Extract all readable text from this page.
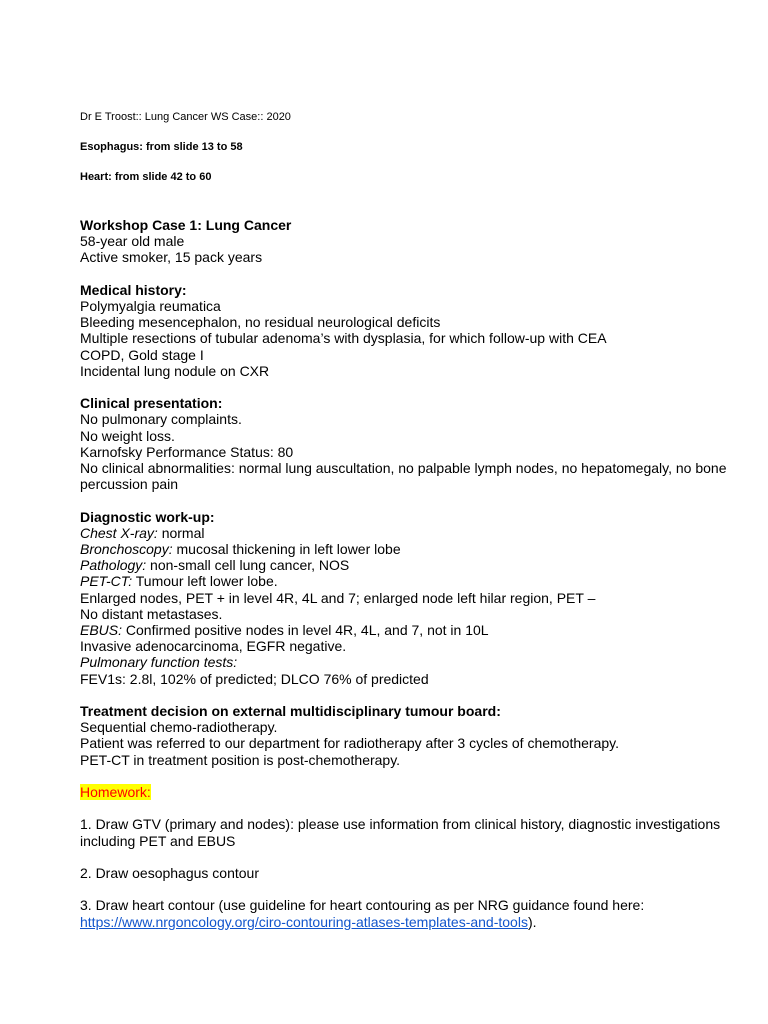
Dr E Troost:: Lung Cancer WS Case:: 2020
Esophagus: from slide 13 to 58
Heart: from slide 42 to 60
Workshop Case 1: Lung Cancer
58-year old male
Active smoker, 15 pack years
Medical history:
Polymyalgia reumatica
Bleeding mesencephalon, no residual neurological deficits
Multiple resections of tubular adenoma’s with dysplasia, for which follow-up with CEA
COPD, Gold stage I
Incidental lung nodule on CXR
Clinical presentation:
No pulmonary complaints.
No weight loss.
Karnofsky Performance Status: 80
No clinical abnormalities: normal lung auscultation, no palpable lymph nodes, no hepatomegaly, no bone percussion pain
Diagnostic work-up:
Chest X-ray: normal
Bronchoscopy: mucosal thickening in left lower lobe
Pathology: non-small cell lung cancer, NOS
PET-CT: Tumour left lower lobe.
Enlarged nodes, PET + in level 4R, 4L and 7; enlarged node left hilar region, PET –
No distant metastases.
EBUS: Confirmed positive nodes in level 4R, 4L, and 7, not in 10L
Invasive adenocarcinoma, EGFR negative.
Pulmonary function tests:
FEV1s: 2.8l, 102% of predicted; DLCO 76% of predicted
Treatment decision on external multidisciplinary tumour board:
Sequential chemo-radiotherapy.
Patient was referred to our department for radiotherapy after 3 cycles of chemotherapy.
PET-CT in treatment position is post-chemotherapy.
Homework:
1. Draw GTV (primary and nodes): please use information from clinical history, diagnostic investigations including PET and EBUS
2. Draw oesophagus contour
3. Draw heart contour (use guideline for heart contouring as per NRG guidance found here: https://www.nrgoncology.org/ciro-contouring-atlases-templates-and-tools).
